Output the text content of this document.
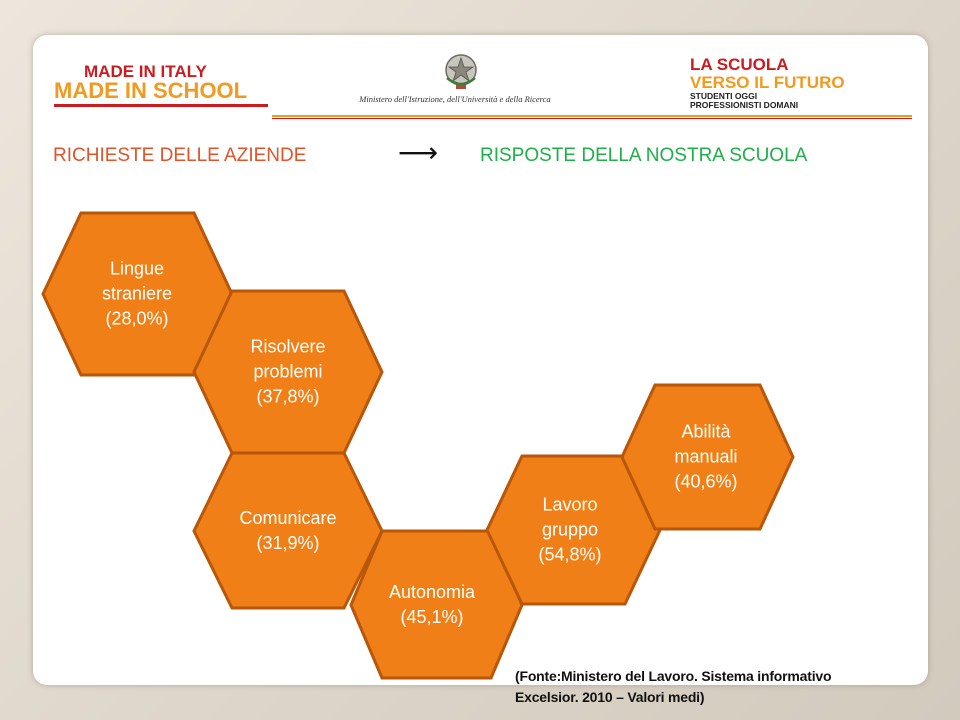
MADE IN ITALY
MADE IN SCHOOL	Ministero dell'Istruzione, dell'Università e della Ricerca
LA SCUOLA
VERSO IL FUTURO
STUDENTI OGGI
PROFESSIONISTI DOMANI
RICHIESTE DELLE AZIENDE	⟶ RISPOSTE DELLA NOSTRA SCUOLA
Lingue
straniere
(28,0%)
Risolvere
problemi
(37,8%)
Comunicare
(31,9%)
Autonomia
(45,1%)
Lavoro
gruppo
(54,8%)
Abilità
manuali
(40,6%)
(Fonte:Ministero del Lavoro. Sistema informativo
Excelsior. 2010 – Valori medi)
